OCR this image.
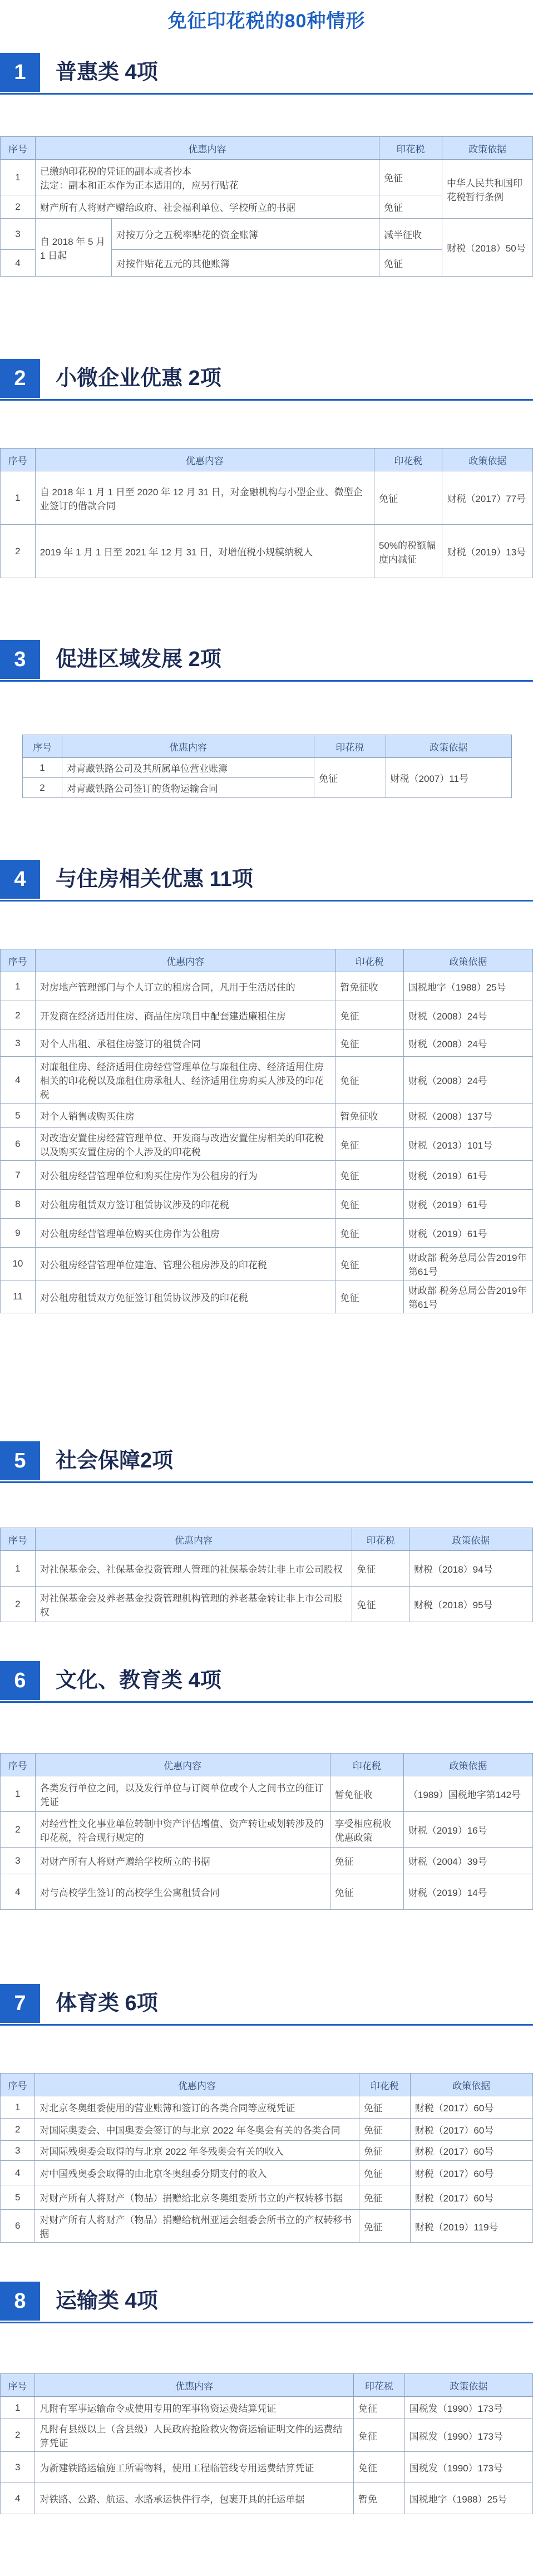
免征印花税的80种情形
1	普惠类 4项
序号	优惠内容		印花税	政策依据
1	已缴纳印花税的凭证的副本或者抄本
法定：副本和正本作为正本适用的，应另行贴花		免征	中华人民共和国印花税暂行条例
2	财产所有人将财产赠给政府、社会福利单位、学校所立的书据		免征	
3	自 2018 年 5 月 1 日起	对按万分之五税率贴花的资金账簿	减半征收	财税（2018）50号
4		对按件贴花五元的其他账簿	免征	
2	小微企业优惠 2项
序号	优惠内容	印花税	政策依据
1	自 2018 年 1 月 1 日至 2020 年 12 月 31 日，对金融机构与小型企业、微型企业签订的借款合同	免征	财税（2017）77号
2	2019 年 1 月 1 日至 2021 年 12 月 31 日，对增值税小规模纳税人	50%的税额幅度内减征	财税（2019）13号
3	促进区域发展 2项
序号	优惠内容	印花税	政策依据
1	对青藏铁路公司及其所属单位营业账簿	免征	财税（2007）11号
2	对青藏铁路公司签订的货物运输合同		
4	与住房相关优惠 11项
序号	优惠内容	印花税	政策依据
1	对房地产管理部门与个人订立的租房合同，凡用于生活居住的	暂免征收	国税地字（1988）25号
2	开发商在经济适用住房、商品住房项目中配套建造廉租住房	免征	财税（2008）24号
3	对个人出租、承租住房签订的租赁合同	免征	财税（2008）24号
4	对廉租住房、经济适用住房经营管理单位与廉租住房、经济适用住房相关的印花税以及廉租住房承租人、经济适用住房购买人涉及的印花税	免征	财税（2008）24号
5	对个人销售或购买住房	暂免征收	财税（2008）137号
6	对改造安置住房经营管理单位、开发商与改造安置住房相关的印花税以及购买安置住房的个人涉及的印花税	免征	财税（2013）101号
7	对公租房经营管理单位和购买住房作为公租房的行为	免征	财税（2019）61号
8	对公租房租赁双方签订租赁协议涉及的印花税	免征	财税（2019）61号
9	对公租房经营管理单位购买住房作为公租房	免征	财税（2019）61号
10	对公租房经营管理单位建造、管理公租房涉及的印花税	免征	财政部 税务总局公告2019年第61号
11	对公租房租赁双方免征签订租赁协议涉及的印花税	免征	财政部 税务总局公告2019年第61号
5	社会保障2项
序号	优惠内容	印花税	政策依据
1	对社保基金会、社保基金投资管理人管理的社保基金转让非上市公司股权	免征	财税（2018）94号
2	对社保基金会及养老基金投资管理机构管理的养老基金转让非上市公司股权	免征	财税（2018）95号
6	文化、教育类 4项
序号	优惠内容	印花税	政策依据
1	各类发行单位之间，以及发行单位与订阅单位或个人之间书立的征订凭证	暂免征收	（1989）国税地字第142号
2	对经营性文化事业单位转制中资产评估增值、资产转让或划转涉及的印花税，符合现行规定的	享受相应税收优惠政策	财税（2019）16号
3	对财产所有人将财产赠给学校所立的书据	免征	财税（2004）39号
4	对与高校学生签订的高校学生公寓租赁合同	免征	财税（2019）14号
7	体育类 6项
序号	优惠内容	印花税	政策依据
1	对北京冬奥组委使用的营业账簿和签订的各类合同等应税凭证	免征	财税（2017）60号
2	对国际奥委会、中国奥委会签订的与北京 2022 年冬奥会有关的各类合同	免征	财税（2017）60号
3	对国际残奥委会取得的与北京 2022 年冬残奥会有关的收入	免征	财税（2017）60号
4	对中国残奥委会取得的由北京冬奥组委分期支付的收入	免征	财税（2017）60号
5	对财产所有人将财产（物品）捐赠给北京冬奥组委所书立的产权转移书据	免征	财税（2017）60号
6	对财产所有人将财产（物品）捐赠给杭州亚运会组委会所书立的产权转移书据	免征	财税（2019）119号
8	运输类 4项
序号	优惠内容	印花税	政策依据
1	凡附有军事运输命令或使用专用的军事物资运费结算凭证	免征	国税发（1990）173号
2	凡附有县级以上（含县级）人民政府抢险救灾物资运输证明文件的运费结算凭证	免征	国税发（1990）173号
3	为新建铁路运输施工所需物料，使用工程临管线专用运费结算凭证	免征	国税发（1990）173号
4	对铁路、公路、航运、水路承运快件行李，包裹开具的托运单据	暂免	国税地字（1988）25号
